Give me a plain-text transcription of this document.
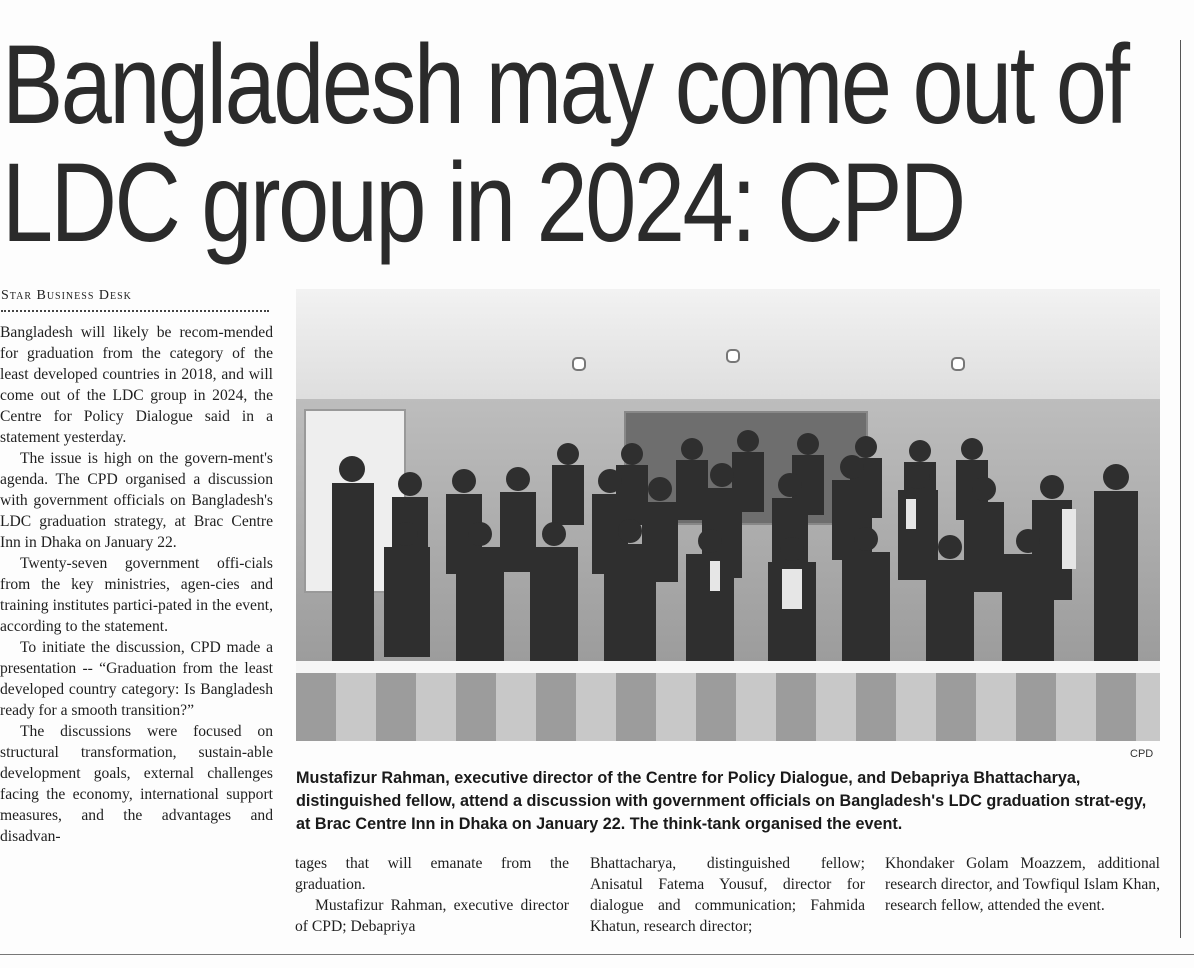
Bangladesh may come out of
LDC group in 2024: CPD
Star Business Desk

Bangladesh will likely be recom-mended for graduation from the category of the least developed countries in 2018, and will come out of the LDC group in 2024, the Centre for Policy Dialogue said in a statement yesterday.

The issue is high on the govern-ment's agenda. The CPD organised a discussion with government officials on Bangladesh's LDC graduation strategy, at Brac Centre Inn in Dhaka on January 22.

Twenty-seven government offi-cials from the key ministries, agen-cies and training institutes partici-pated in the event, according to the statement.

To initiate the discussion, CPD made a presentation -- “Graduation from the least developed country category: Is Bangladesh ready for a smooth transition?”

The discussions were focused on structural transformation, sustain-able development goals, external challenges facing the economy, international support measures, and the advantages and disadvan-

CPD
Mustafizur Rahman, executive director of the Centre for Policy Dialogue, and Debapriya Bhattacharya, distinguished fellow, attend a discussion with government officials on Bangladesh's LDC graduation strat-egy, at Brac Centre Inn in Dhaka on January 22. The think-tank organised the event.

tages that will emanate from the graduation.

Mustafizur Rahman, executive director of CPD; Debapriya

Bhattacharya, distinguished fellow; Anisatul Fatema Yousuf, director for dialogue and communication; Fahmida Khatun, research director;

Khondaker Golam Moazzem, additional research director, and Towfiqul Islam Khan, research fellow, attended the event.
